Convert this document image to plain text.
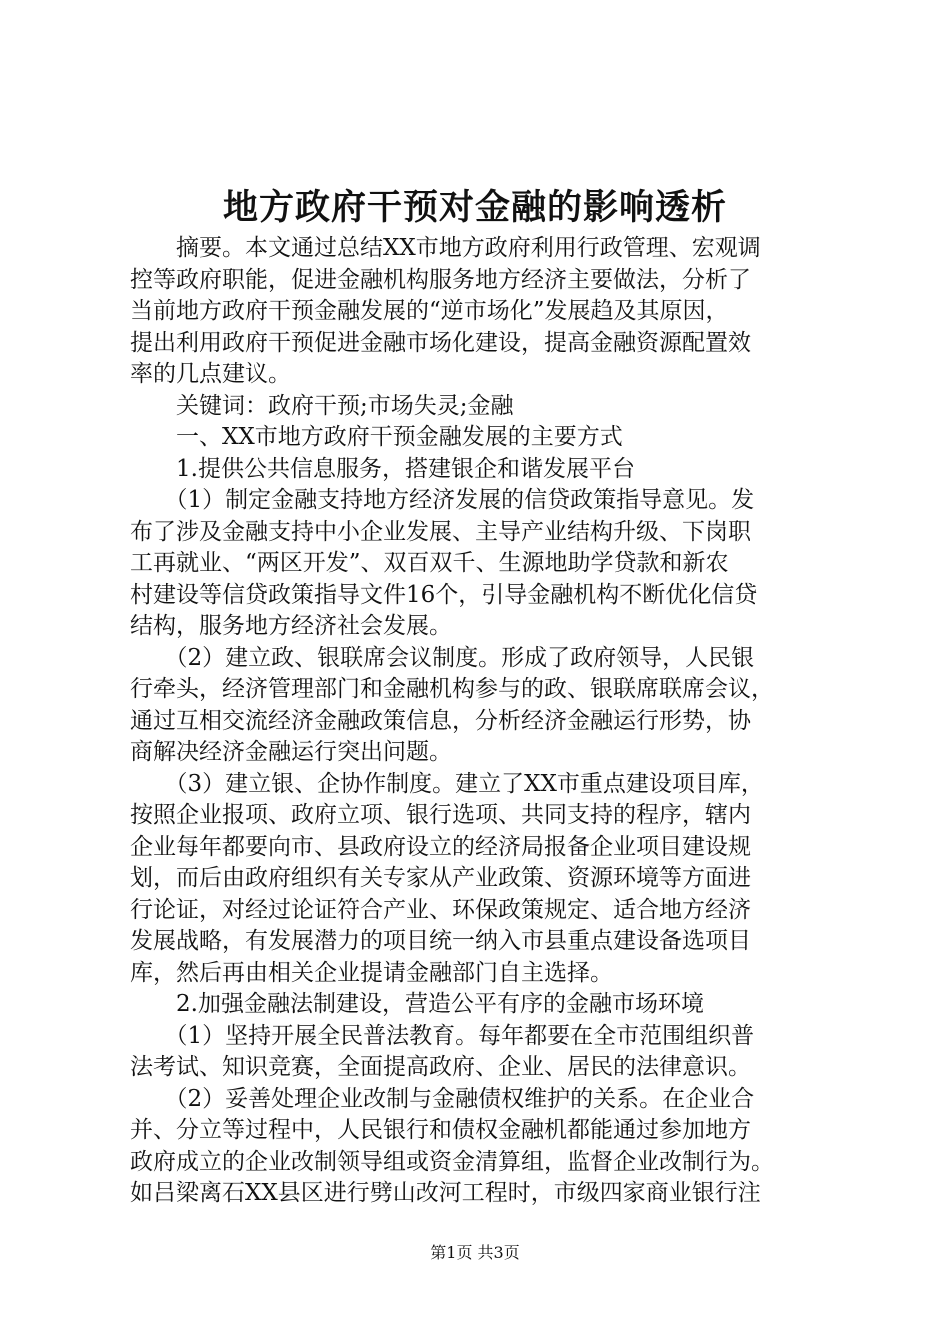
地方政府干预对金融的影响透析
　　摘要。本文通过总结XX市地方政府利用行政管理、宏观调
控等政府职能，促进金融机构服务地方经济主要做法，分析了
当前地方政府干预金融发展的“逆市场化”发展趋及其原因，
提出利用政府干预促进金融市场化建设，提高金融资源配置效
率的几点建议。
　　关键词：政府干预;市场失灵;金融
　　一、XX市地方政府干预金融发展的主要方式
　　1.提供公共信息服务，搭建银企和谐发展平台
　　（1）制定金融支持地方经济发展的信贷政策指导意见。发
布了涉及金融支持中小企业发展、主导产业结构升级、下岗职
工再就业、“两区开发”、双百双千、生源地助学贷款和新农
村建设等信贷政策指导文件16个，引导金融机构不断优化信贷
结构，服务地方经济社会发展。
　　（2）建立政、银联席会议制度。形成了政府领导，人民银
行牵头，经济管理部门和金融机构参与的政、银联席联席会议，
通过互相交流经济金融政策信息，分析经济金融运行形势，协
商解决经济金融运行突出问题。
　　（3）建立银、企协作制度。建立了XX市重点建设项目库，
按照企业报项、政府立项、银行选项、共同支持的程序，辖内
企业每年都要向市、县政府设立的经济局报备企业项目建设规
划，而后由政府组织有关专家从产业政策、资源环境等方面进
行论证，对经过论证符合产业、环保政策规定、适合地方经济
发展战略，有发展潜力的项目统一纳入市县重点建设备选项目
库，然后再由相关企业提请金融部门自主选择。
　　2.加强金融法制建设，营造公平有序的金融市场环境
　　（1）坚持开展全民普法教育。每年都要在全市范围组织普
法考试、知识竞赛，全面提高政府、企业、居民的法律意识。
　　（2）妥善处理企业改制与金融债权维护的关系。在企业合
并、分立等过程中，人民银行和债权金融机都能通过参加地方
政府成立的企业改制领导组或资金清算组，监督企业改制行为。
如吕梁离石XX县区进行劈山改河工程时，市级四家商业银行注
第1页 共3页
